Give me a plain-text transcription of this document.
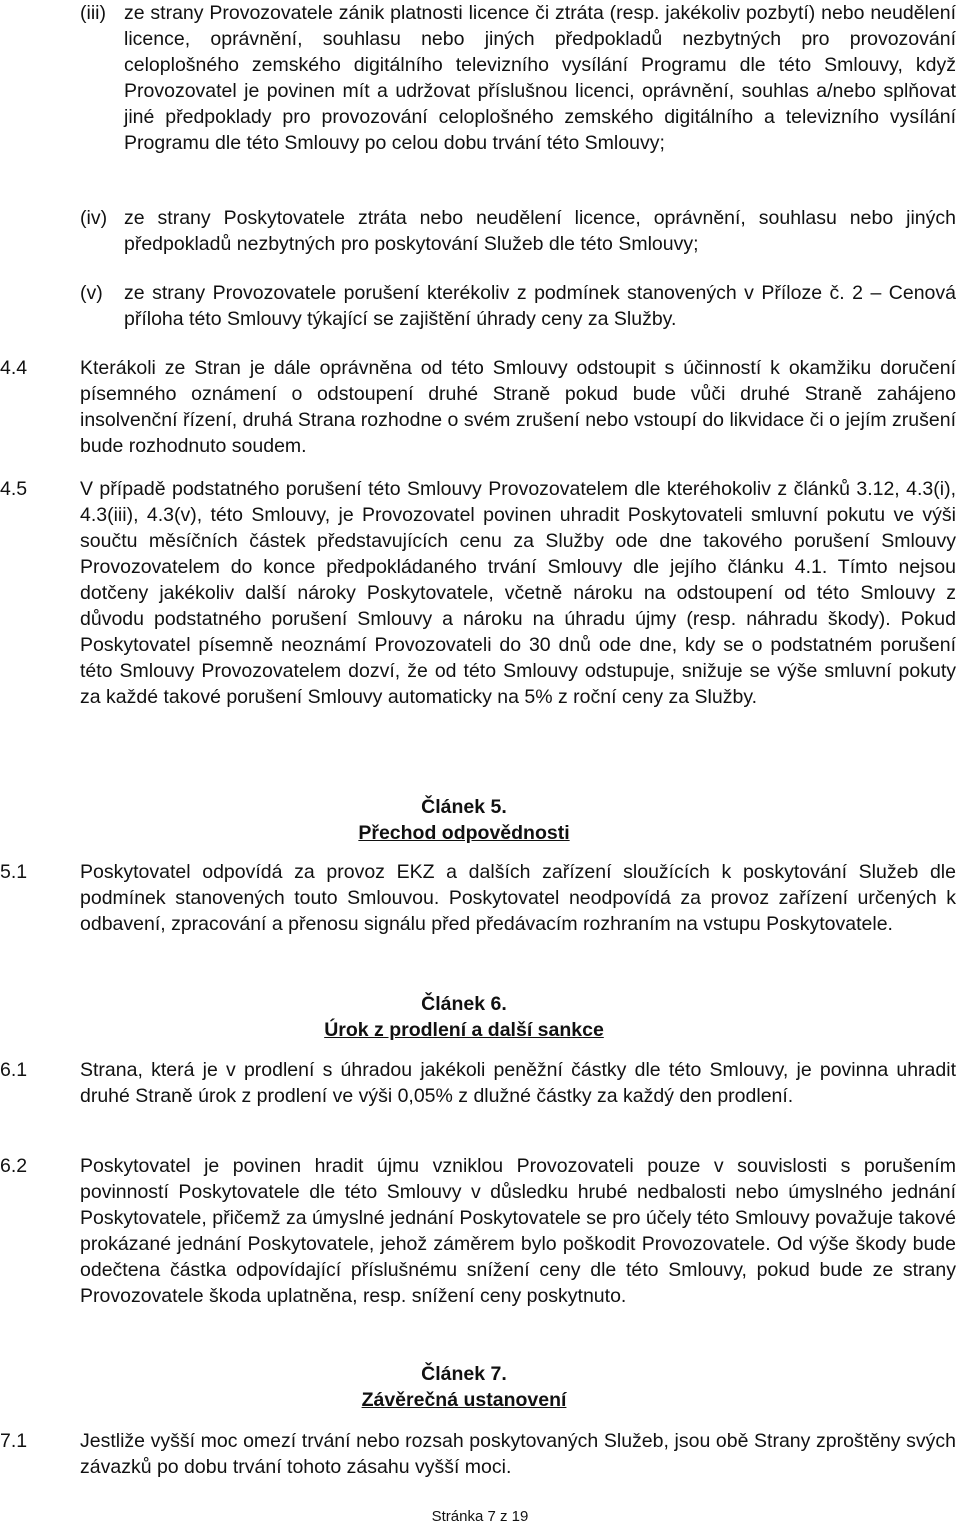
(iii) ze strany Provozovatele zánik platnosti licence či ztráta (resp. jakékoliv pozbytí) nebo neudělení licence, oprávnění, souhlasu nebo jiných předpokladů nezbytných pro provozování celoplošného zemského digitálního televizního vysílání Programu dle této Smlouvy, když Provozovatel je povinen mít a udržovat příslušnou licenci, oprávnění, souhlas a/nebo splňovat jiné předpoklady pro provozování celoplošného zemského digitálního a televizního vysílání Programu dle této Smlouvy po celou dobu trvání této Smlouvy;
(iv) ze strany Poskytovatele ztráta nebo neudělení licence, oprávnění, souhlasu nebo jiných předpokladů nezbytných pro poskytování Služeb dle této Smlouvy;
(v)	ze strany Provozovatele porušení kterékoliv z podmínek stanovených v Příloze č. 2 – Cenová příloha této Smlouvy týkající se zajištění úhrady ceny za Služby.
4.4	Kterákoli ze Stran je dále oprávněna od této Smlouvy odstoupit s účinností k okamžiku doručení písemného oznámení o odstoupení druhé Straně pokud bude vůči druhé Straně zahájeno insolvenční řízení, druhá Strana rozhodne o svém zrušení nebo vstoupí do likvidace či o jejím zrušení bude rozhodnuto soudem.
4.5	V případě podstatného porušení této Smlouvy Provozovatelem dle kteréhokoliv z článků 3.12, 4.3(i), 4.3(iii), 4.3(v), této Smlouvy, je Provozovatel povinen uhradit Poskytovateli smluvní pokutu ve výši součtu měsíčních částek představujících cenu za Služby ode dne takového porušení Smlouvy Provozovatelem do konce předpokládaného trvání Smlouvy dle jejího článku 4.1. Tímto nejsou dotčeny jakékoliv další nároky Poskytovatele, včetně nároku na odstoupení od této Smlouvy z důvodu podstatného porušení Smlouvy a nároku na úhradu újmy (resp. náhradu škody). Pokud Poskytovatel písemně neoznámí Provozovateli do 30 dnů ode dne, kdy se o podstatném porušení této Smlouvy Provozovatelem dozví, že od této Smlouvy odstupuje, snižuje se výše smluvní pokuty za každé takové porušení Smlouvy automaticky na 5% z roční ceny za Služby.
Článek 5.
Přechod odpovědnosti
5.1	Poskytovatel odpovídá za provoz EKZ a dalších zařízení sloužících k poskytování Služeb dle podmínek stanovených touto Smlouvou. Poskytovatel neodpovídá za provoz zařízení určených k odbavení, zpracování a přenosu signálu před předávacím rozhraním na vstupu Poskytovatele.
Článek 6.
Úrok z prodlení a další sankce
6.1	Strana, která je v prodlení s úhradou jakékoli peněžní částky dle této Smlouvy, je povinna uhradit druhé Straně úrok z prodlení ve výši 0,05% z dlužné částky za každý den prodlení.
6.2	Poskytovatel je povinen hradit újmu vzniklou Provozovateli pouze v souvislosti s porušením povinností Poskytovatele dle této Smlouvy v důsledku hrubé nedbalosti nebo úmyslného jednání Poskytovatele, přičemž za úmyslné jednání Poskytovatele se pro účely této Smlouvy považuje takové prokázané jednání Poskytovatele, jehož záměrem bylo poškodit Provozovatele. Od výše škody bude odečtena částka odpovídající příslušnému snížení ceny dle této Smlouvy, pokud bude ze strany Provozovatele škoda uplatněna, resp. snížení ceny poskytnuto.
Článek 7.
Závěrečná ustanovení
7.1	Jestliže vyšší moc omezí trvání nebo rozsah poskytovaných Služeb, jsou obě Strany zproštěny svých závazků po dobu trvání tohoto zásahu vyšší moci.
Stránka 7 z 19
